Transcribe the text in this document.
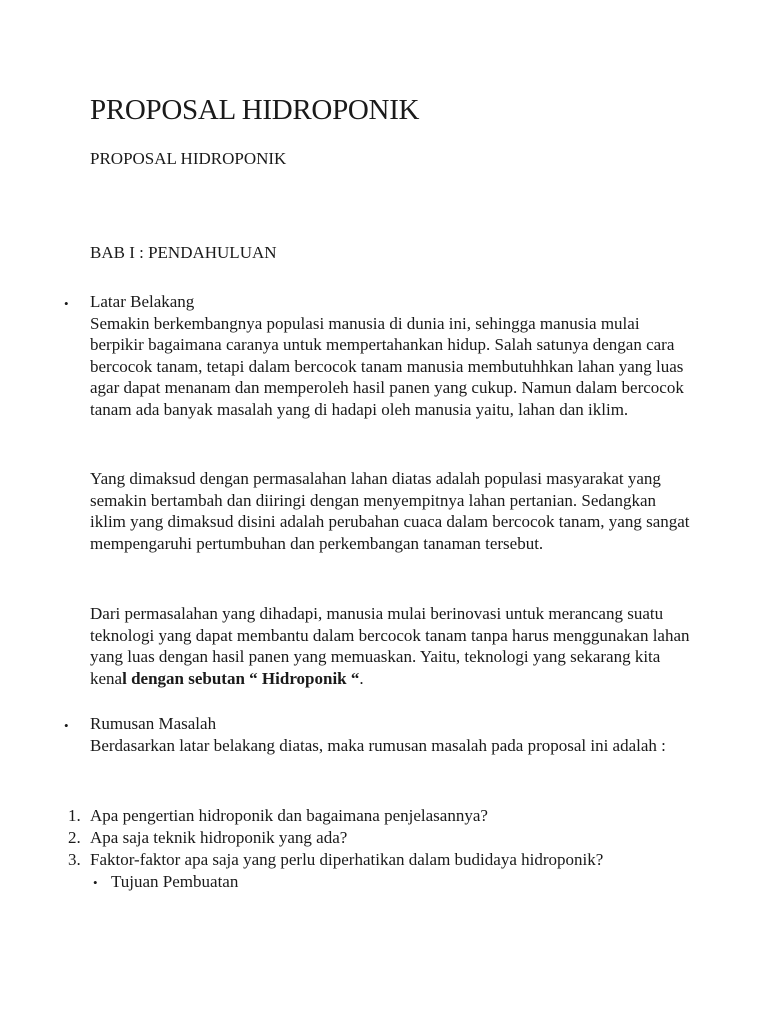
PROPOSAL HIDROPONIK
PROPOSAL HIDROPONIK
BAB I : PENDAHULUAN
• Latar Belakang

Semakin berkembangnya populasi manusia di dunia ini, sehingga manusia mulai berpikir bagaimana caranya untuk mempertahankan hidup. Salah satunya dengan cara bercocok tanam, tetapi dalam bercocok tanam manusia membutuhhkan lahan yang luas agar dapat menanam dan memperoleh hasil panen yang cukup. Namun dalam bercocok tanam ada banyak masalah yang di hadapi oleh manusia yaitu, lahan dan iklim.

Yang dimaksud dengan permasalahan lahan diatas adalah populasi masyarakat yang semakin bertambah dan diiringi dengan menyempitnya lahan pertanian. Sedangkan iklim yang dimaksud disini adalah perubahan cuaca dalam bercocok tanam, yang sangat mempengaruhi pertumbuhan dan perkembangan tanaman tersebut.

Dari permasalahan yang dihadapi, manusia mulai berinovasi untuk merancang suatu teknologi yang dapat membantu dalam bercocok tanam tanpa harus menggunakan lahan yang luas dengan hasil panen yang memuaskan. Yaitu, teknologi yang sekarang kita kenal dengan sebutan “ Hidroponik “.

• Rumusan Masalah

Berdasarkan latar belakang diatas, maka rumusan masalah pada proposal ini adalah :

1. Apa pengertian hidroponik dan bagaimana penjelasannya?
2. Apa saja teknik hidroponik yang ada?
3. Faktor-faktor apa saja yang perlu diperhatikan dalam budidaya hidroponik?
• Tujuan Pembuatan
